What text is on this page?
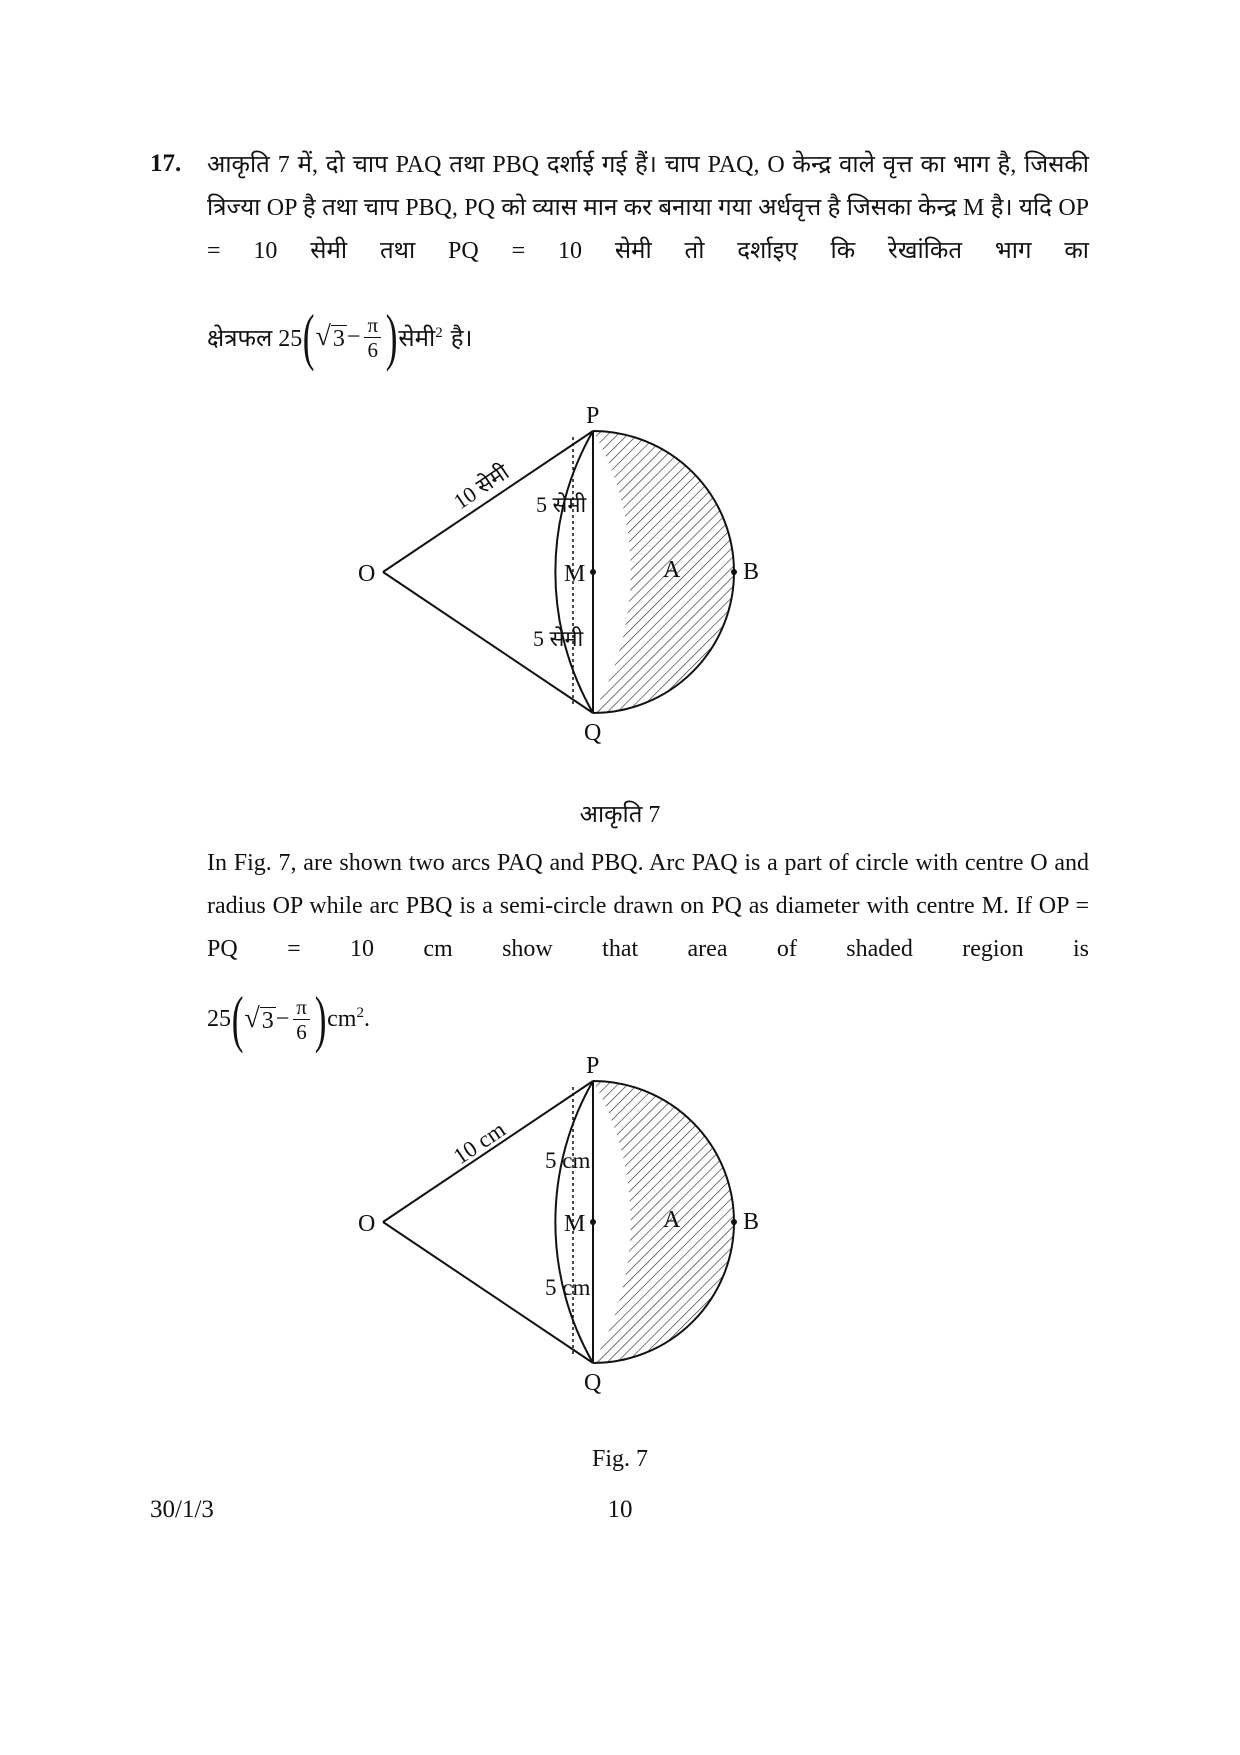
17. आकृति 7 में, दो चाप PAQ तथा PBQ दर्शाई गई हैं। चाप PAQ, O केन्द्र वाले वृत्त का भाग है, जिसकी त्रिज्या OP है तथा चाप PBQ, PQ को व्यास मान कर बनाया गया अर्धवृत्त है जिसका केन्द्र M है। यदि OP = 10 सेमी तथा PQ = 10 सेमी तो दर्शाइए कि रेखांकित भाग का
क्षेत्रफल 25 ( √ $3 - \frac{\pi}{6}$ ) सेमी$^2$ है।
P
Q
O	M	A	B
10 सेमी 5 सेमी
5 सेमी
आकृति 7
In Fig. 7, are shown two arcs PAQ and PBQ. Arc PAQ is a part of circle with centre O and radius OP while arc PBQ is a semi-circle drawn on PQ as diameter with centre M. If OP = PQ = 10 cm show that area of shaded region is
25 ( √ $3 - \frac{\pi}{6}$ ) $cm^2$ .
P
Q
O	M	A	B
10 cm 5 cm
5 cm
Fig. 7
30/1/3	10
